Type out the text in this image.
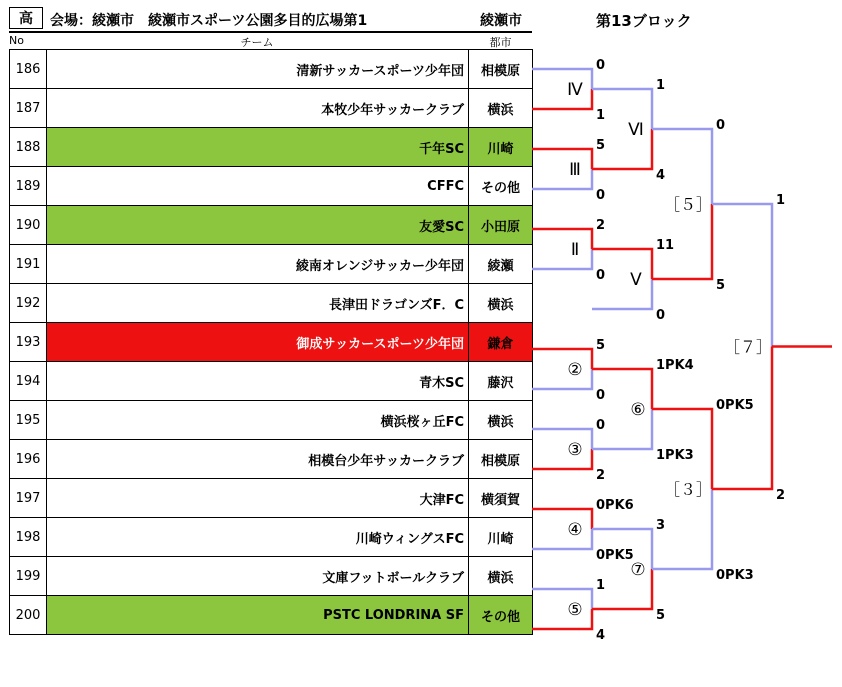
高	会場：綾瀬市　綾瀬市スポーツ公園多目的広場第1	綾瀬市	第13ブロック
No	チーム	都市
186	清新サッカースポーツ少年団	相模原
187	本牧少年サッカークラブ	横浜
188	千年SC	川崎
189	CFFC	その他
190	友愛SC	小田原
191	綾南オレンジサッカー少年団	綾瀬
192	長津田ドラゴンズF．C	横浜
193	御成サッカースポーツ少年団	鎌倉
194	青木SC	藤沢
195	横浜桜ヶ丘FC	横浜
196	相模台少年サッカークラブ	相模原
197	大津FC	横須賀
198	川崎ウィングスFC	川崎
199	文庫フットボールクラブ	横浜
200	PSTC LONDRINA SF	その他
0
1
Ⅳ
5
0
Ⅲ
2
0
Ⅱ
5
0
②
0
2
③
0PK6
0PK5
④
1
4
⑤
1
4
Ⅵ
11
0
Ⅴ
1PK4
1PK3
⑥
3
5
⑦
0
5
［５］
0PK5
0PK3
［３］
1
2
［７］
